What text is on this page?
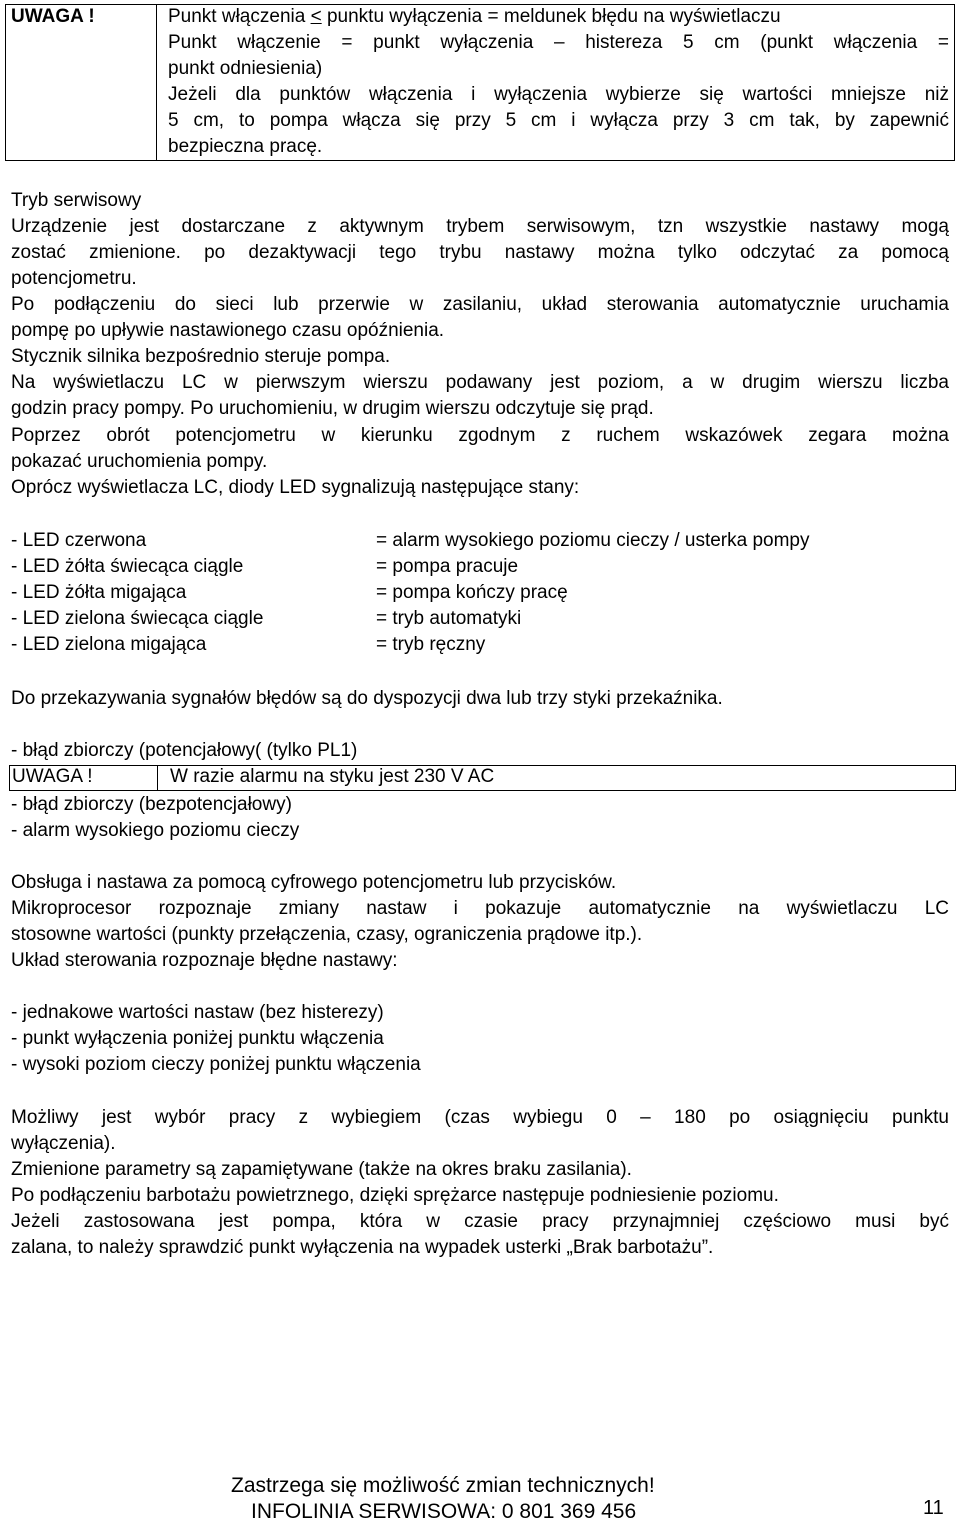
UWAGA !	Punkt włączenia < punktu wyłączenia = meldunek błędu na wyświetlaczu
Punkt włączenie = punkt wyłączenia – histereza 5 cm (punkt włączenia =
punkt odniesienia)
Jeżeli dla punktów włączenia i wyłączenia wybierze się wartości mniejsze niż
5 cm, to pompa włącza się przy 5 cm i wyłącza przy 3 cm tak, by zapewnić
bezpieczna pracę.
Tryb serwisowy
Urządzenie jest dostarczane z aktywnym trybem serwisowym, tzn wszystkie nastawy mogą
zostać zmienione. po dezaktywacji tego trybu nastawy można tylko odczytać za pomocą
potencjometru.
Po podłączeniu do sieci lub przerwie w zasilaniu, układ sterowania automatycznie uruchamia
pompę po upływie nastawionego czasu opóźnienia.
Stycznik silnika bezpośrednio steruje pompa.
Na wyświetlaczu LC w pierwszym wierszu podawany jest poziom, a w drugim wierszu liczba
godzin pracy pompy. Po uruchomieniu, w drugim wierszu odczytuje się prąd.
Poprzez obrót potencjometru w kierunku zgodnym z ruchem wskazówek zegara można
pokazać uruchomienia pompy.
Oprócz wyświetlacza LC, diody LED sygnalizują następujące stany:
- LED czerwona	= alarm wysokiego poziomu cieczy / usterka pompy
- LED żółta świecąca ciągle	= pompa pracuje
- LED żółta migająca	= pompa kończy pracę
- LED zielona świecąca ciągle	= tryb automatyki
- LED zielona migająca	= tryb ręczny
Do przekazywania sygnałów błędów są do dyspozycji dwa lub trzy styki przekaźnika.
- błąd zbiorczy (potencjałowy( (tylko PL1)
UWAGA !	W razie alarmu na styku jest 230 V AC
- błąd zbiorczy (bezpotencjałowy)
- alarm wysokiego poziomu cieczy
Obsługa i nastawa za pomocą cyfrowego potencjometru lub przycisków.
Mikroprocesor rozpoznaje zmiany nastaw i pokazuje automatycznie na wyświetlaczu LC
stosowne wartości (punkty przełączenia, czasy, ograniczenia prądowe itp.).
Układ sterowania rozpoznaje błędne nastawy:
- jednakowe wartości nastaw (bez histerezy)
- punkt wyłączenia poniżej punktu włączenia
- wysoki poziom cieczy poniżej punktu włączenia
Możliwy jest wybór pracy z wybiegiem (czas wybiegu 0 – 180 po osiągnięciu punktu
wyłączenia).
Zmienione parametry są zapamiętywane (także na okres braku zasilania).
Po podłączeniu barbotażu powietrznego, dzięki sprężarce następuje podniesienie poziomu.
Jeżeli zastosowana jest pompa, która w czasie pracy przynajmniej częściowo musi być
zalana, to należy sprawdzić punkt wyłączenia na wypadek usterki „Brak barbotażu”.
Zastrzega się możliwość zmian technicznych!
INFOLINIA SERWISOWA: 0 801 369 456	11
